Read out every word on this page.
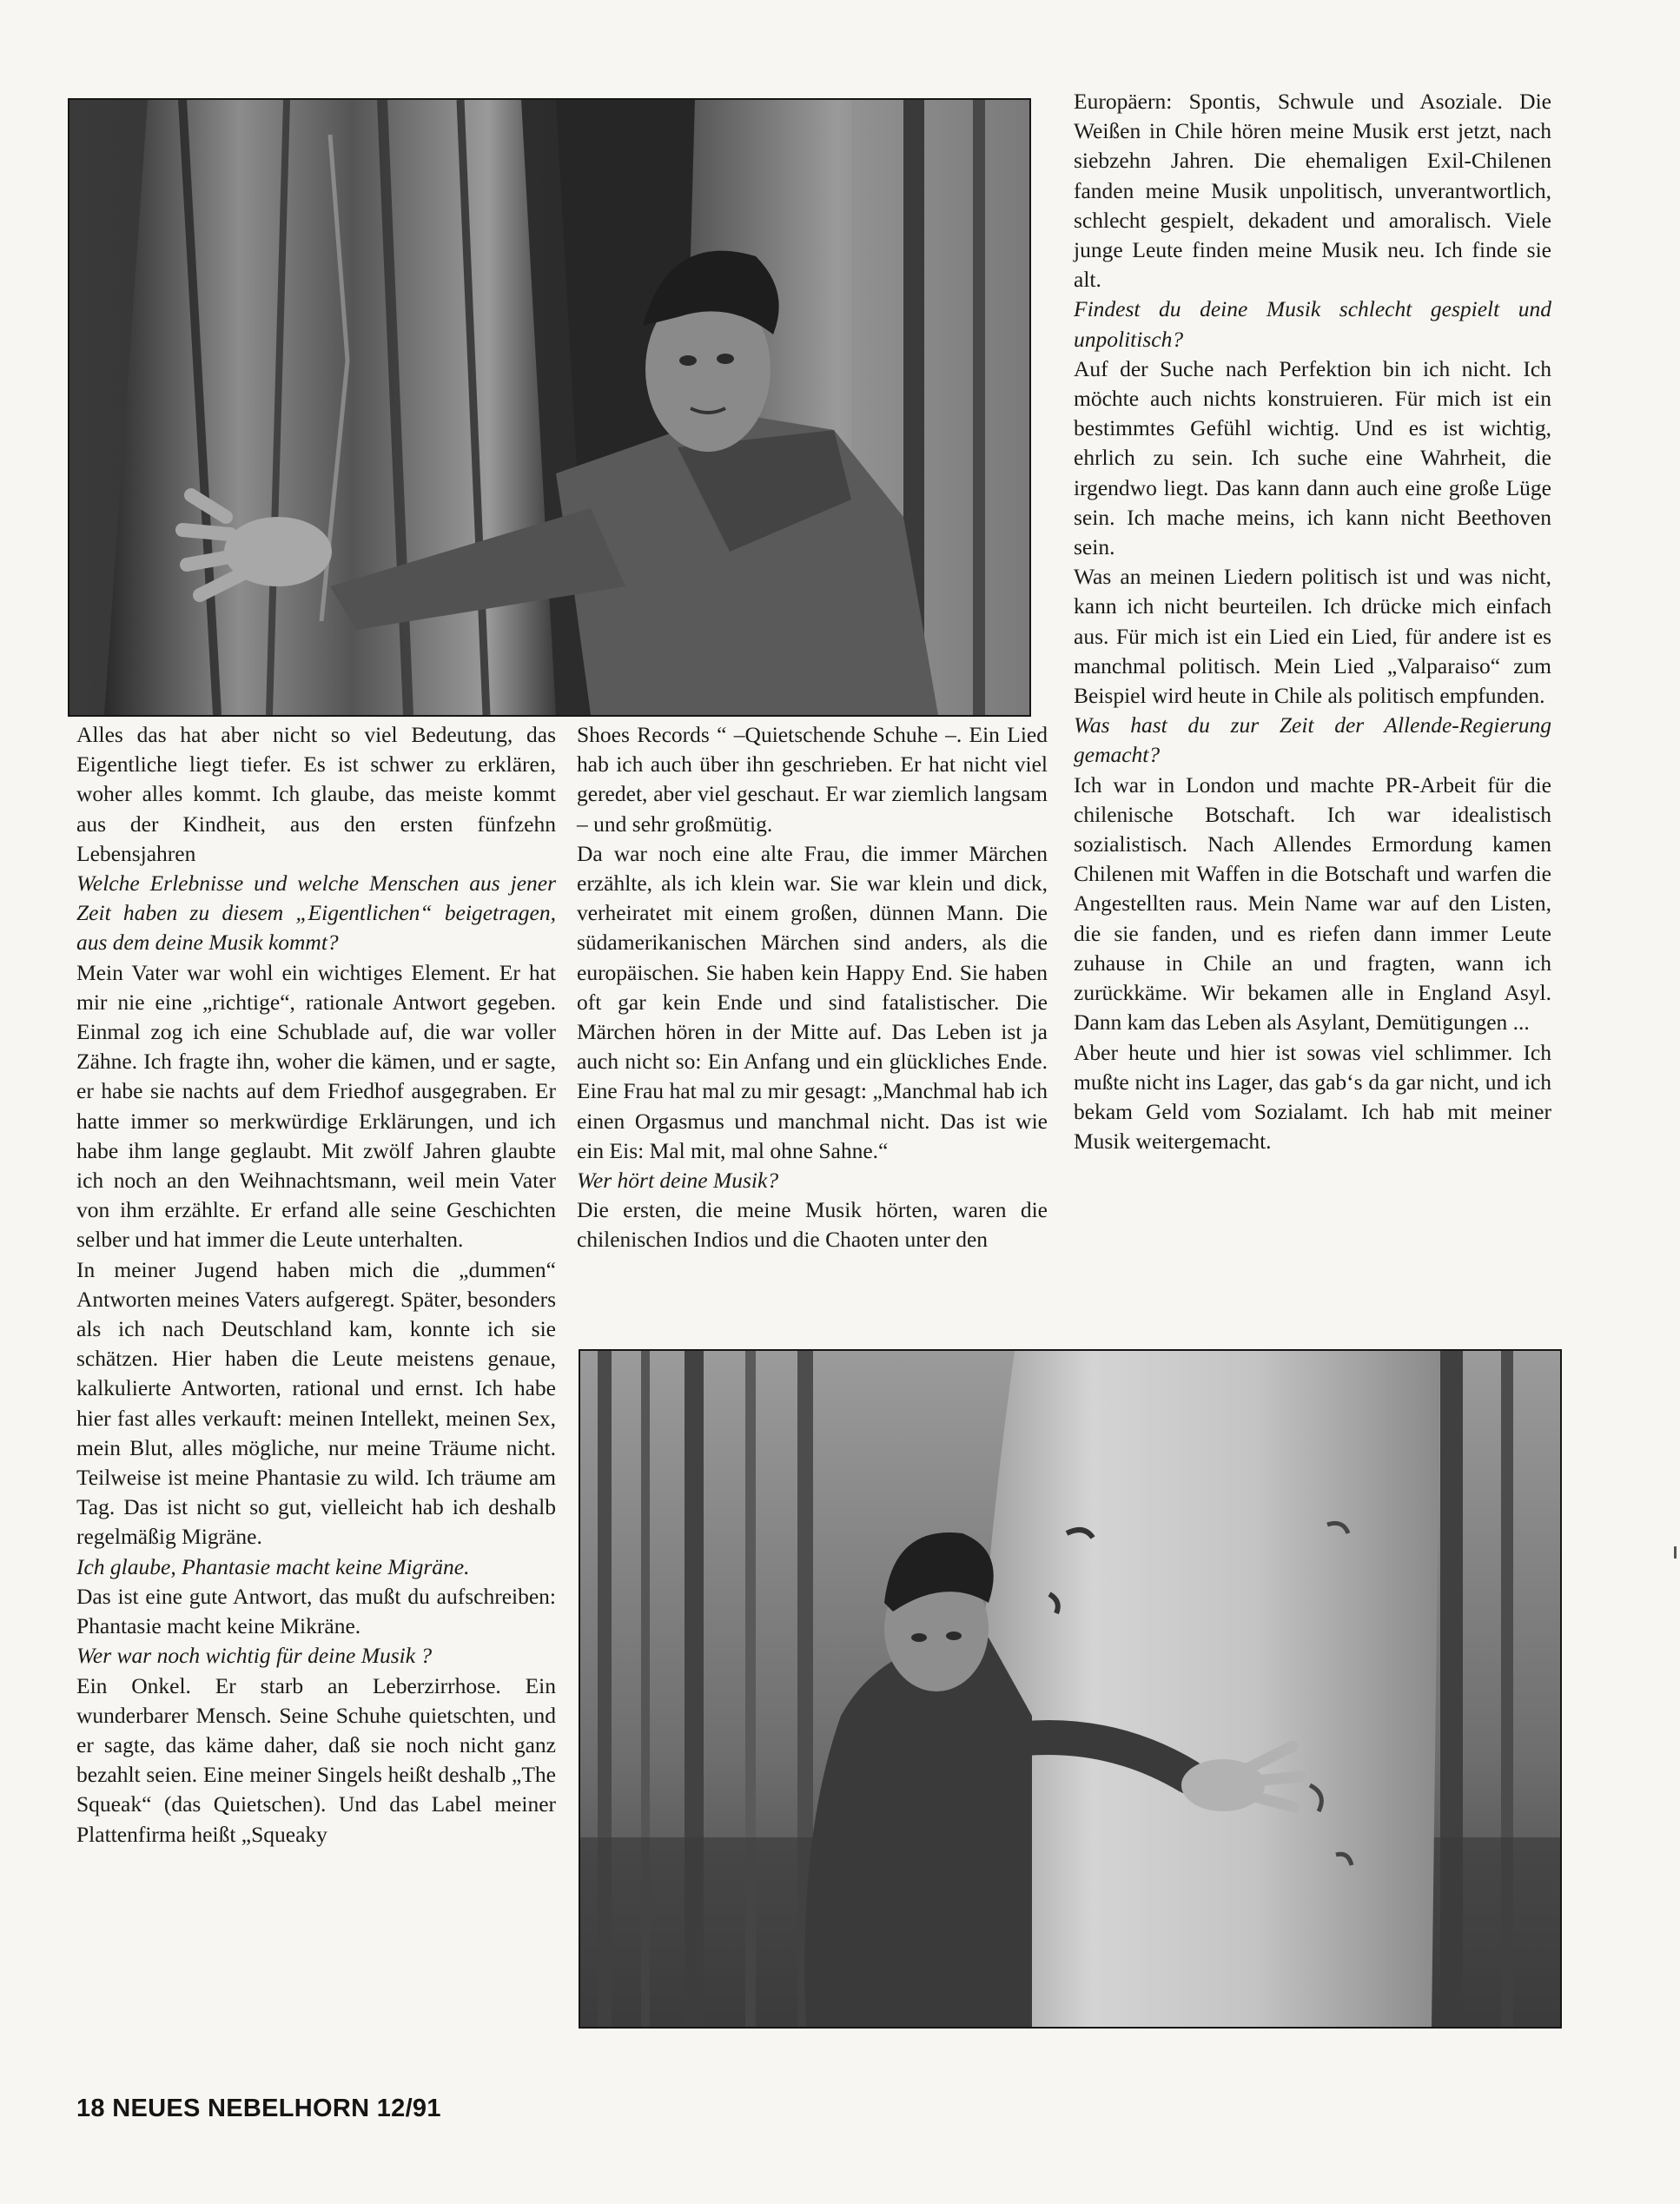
Alles das hat aber nicht so viel Bedeutung, das Eigentliche liegt tiefer. Es ist schwer zu erklären, woher alles kommt. Ich glaube, das meiste kommt aus der Kindheit, aus den ersten fünfzehn Lebensjahren

Welche Erlebnisse und welche Menschen aus jener Zeit haben zu diesem „Eigentlichen“ beigetragen, aus dem deine Musik kommt?

Mein Vater war wohl ein wichtiges Element. Er hat mir nie eine „richtige“, rationale Antwort gegeben. Einmal zog ich eine Schublade auf, die war voller Zähne. Ich fragte ihn, woher die kämen, und er sagte, er habe sie nachts auf dem Friedhof ausgegraben. Er hatte immer so merkwürdige Erklärungen, und ich habe ihm lange geglaubt. Mit zwölf Jahren glaubte ich noch an den Weihnachtsmann, weil mein Vater von ihm erzählte. Er erfand alle seine Geschichten selber und hat immer die Leute unterhalten.

In meiner Jugend haben mich die „dummen“ Antworten meines Vaters aufgeregt. Später, besonders als ich nach Deutschland kam, konnte ich sie schätzen. Hier haben die Leute meistens genaue, kalkulierte Antworten, rational und ernst. Ich habe hier fast alles verkauft: meinen Intellekt, meinen Sex, mein Blut, alles mögliche, nur meine Träume nicht. Teilweise ist meine Phantasie zu wild. Ich träume am Tag. Das ist nicht so gut, vielleicht hab ich deshalb regelmäßig Migräne.

Ich glaube, Phantasie macht keine Migräne.

Das ist eine gute Antwort, das mußt du aufschreiben: Phantasie macht keine Mikräne.

Wer war noch wichtig für deine Musik ?

Ein Onkel. Er starb an Leberzirrhose. Ein wunderbarer Mensch. Seine Schuhe quietschten, und er sagte, das käme daher, daß sie noch nicht ganz bezahlt seien. Eine meiner Singels heißt deshalb „The Squeak“ (das Quietschen). Und das Label meiner Plattenfirma heißt „Squeaky

Shoes Records “ –Quietschende Schuhe –. Ein Lied hab ich auch über ihn geschrieben. Er hat nicht viel geredet, aber viel geschaut. Er war ziemlich langsam – und sehr großmütig.

Da war noch eine alte Frau, die immer Märchen erzählte, als ich klein war. Sie war klein und dick, verheiratet mit einem großen, dünnen Mann. Die südamerikanischen Märchen sind anders, als die europäischen. Sie haben kein Happy End. Sie haben oft gar kein Ende und sind fatalistischer. Die Märchen hören in der Mitte auf. Das Leben ist ja auch nicht so: Ein Anfang und ein glückliches Ende. Eine Frau hat mal zu mir gesagt: „Manchmal hab ich einen Orgasmus und manchmal nicht. Das ist wie ein Eis: Mal mit, mal ohne Sahne.“

Wer hört deine Musik?

Die ersten, die meine Musik hörten, waren die chilenischen Indios und die Chaoten unter den

Europäern: Spontis, Schwule und Asoziale. Die Weißen in Chile hören meine Musik erst jetzt, nach siebzehn Jahren. Die ehemaligen Exil-Chilenen fanden meine Musik unpolitisch, unverantwortlich, schlecht gespielt, dekadent und amoralisch. Viele junge Leute finden meine Musik neu. Ich finde sie alt.

Findest du deine Musik schlecht gespielt und unpolitisch?

Auf der Suche nach Perfektion bin ich nicht. Ich möchte auch nichts konstruieren. Für mich ist ein bestimmtes Gefühl wichtig. Und es ist wichtig, ehrlich zu sein. Ich suche eine Wahrheit, die irgendwo liegt. Das kann dann auch eine große Lüge sein. Ich mache meins, ich kann nicht Beethoven sein.

Was an meinen Liedern politisch ist und was nicht, kann ich nicht beurteilen. Ich drücke mich einfach aus. Für mich ist ein Lied ein Lied, für andere ist es manchmal politisch. Mein Lied „Valparaiso“ zum Beispiel wird heute in Chile als politisch empfunden.

Was hast du zur Zeit der Allende-Regierung gemacht?

Ich war in London und machte PR-Arbeit für die chilenische Botschaft. Ich war idealistisch sozialistisch. Nach Allendes Ermordung kamen Chilenen mit Waffen in die Botschaft und warfen die Angestellten raus. Mein Name war auf den Listen, die sie fanden, und es riefen dann immer Leute zuhause in Chile an und fragten, wann ich zurückkäme. Wir bekamen alle in England Asyl. Dann kam das Leben als Asylant, Demütigungen ...

Aber heute und hier ist sowas viel schlimmer. Ich mußte nicht ins Lager, das gab‘s da gar nicht, und ich bekam Geld vom Sozialamt. Ich hab mit meiner Musik weitergemacht.

18 NEUES NEBELHORN 12/91
